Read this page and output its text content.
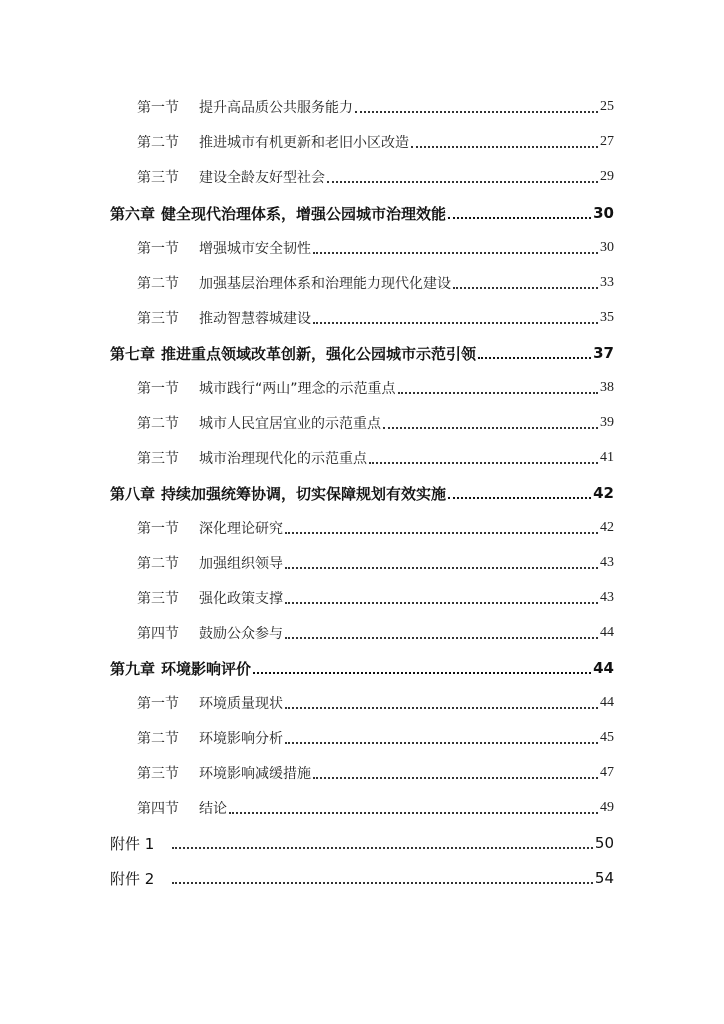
第一节 提升高品质公共服务能力	25
第二节 推进城市有机更新和老旧小区改造	27
第三节 建设全龄友好型社会	29
第六章 健全现代治理体系，增强公园城市治理效能	30
第一节 增强城市安全韧性	30
第二节 加强基层治理体系和治理能力现代化建设	33
第三节 推动智慧蓉城建设	35
第七章 推进重点领域改革创新，强化公园城市示范引领	37
第一节 城市践行“两山”理念的示范重点	38
第二节 城市人民宜居宜业的示范重点	39
第三节 城市治理现代化的示范重点	41
第八章 持续加强统筹协调，切实保障规划有效实施	42
第一节 深化理论研究	42
第二节 加强组织领导	43
第三节 强化政策支撑	43
第四节 鼓励公众参与	44
第九章 环境影响评价	44
第一节 环境质量现状	44
第二节 环境影响分析	45
第三节 环境影响减缓措施	47
第四节 结论	49
附件 1	50
附件 2	54
